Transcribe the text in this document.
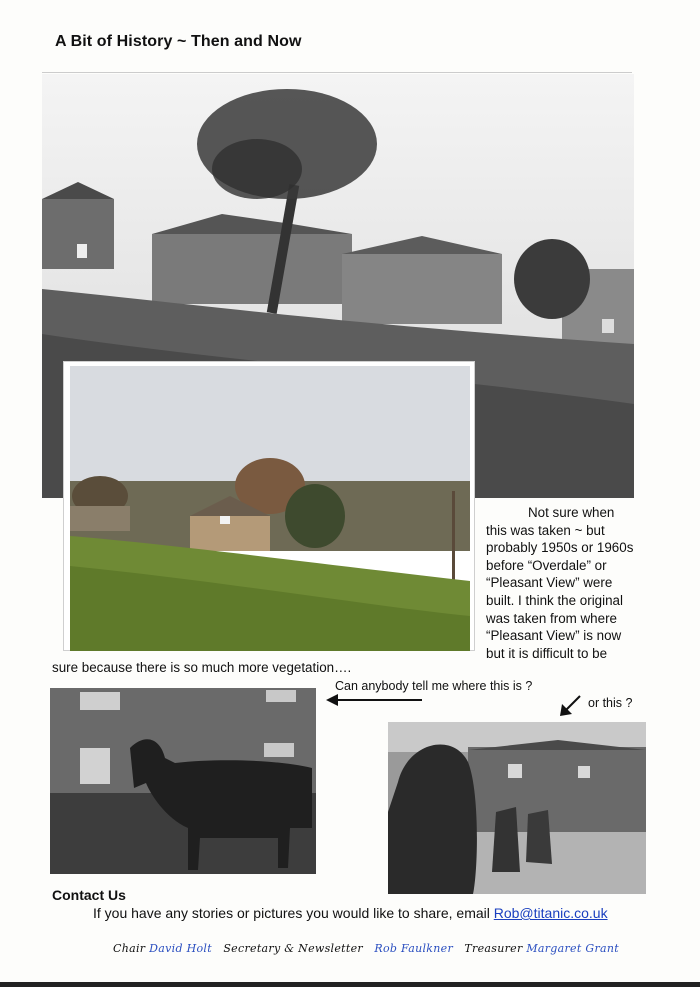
A Bit of History ~ Then and Now
Not sure when
this was taken ~ but
probably 1950s or 1960s
before “Overdale” or
“Pleasant View” were
built. I think the original
was taken from where
“Pleasant View” is now
but it is difficult to be
sure because there is so much more vegetation….
Can anybody tell me where this is ?
or this ?
Contact Us
If you have any stories or pictures you would like to share, email Rob@titanic.co.uk
Chair David Holt Secretary & Newsletter Rob Faulkner Treasurer Margaret Grant
